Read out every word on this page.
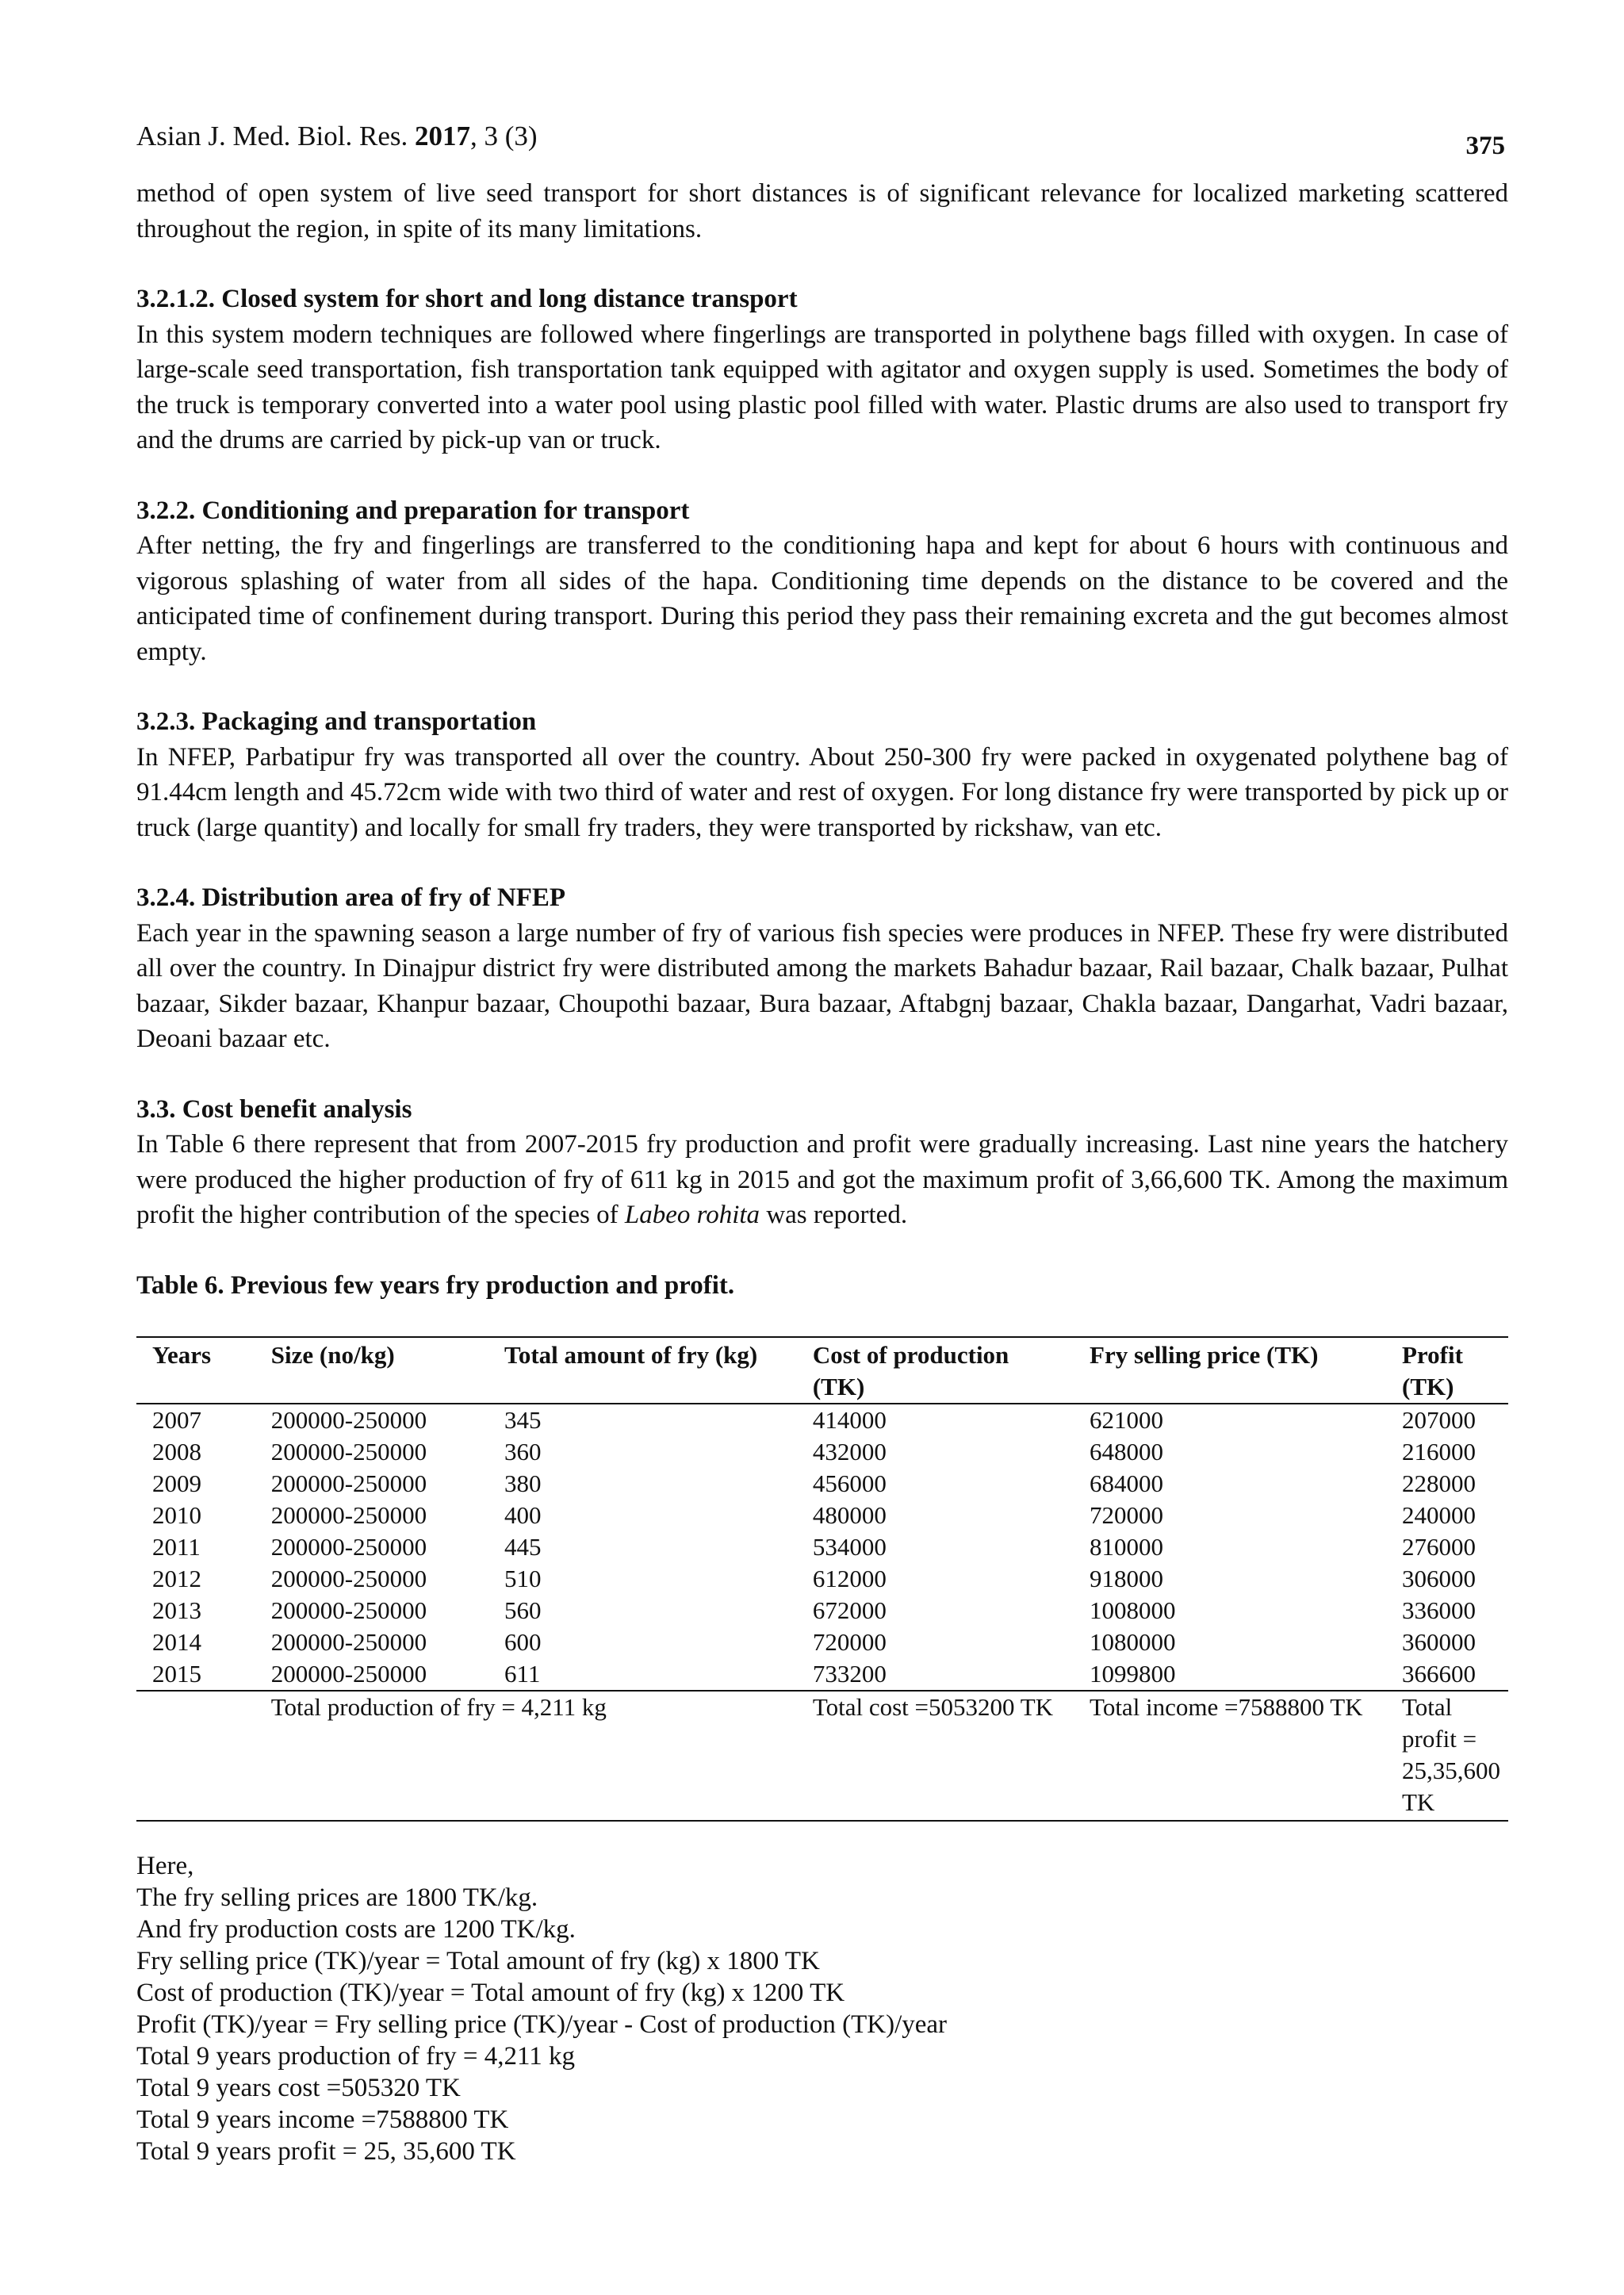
Asian J. Med. Biol. Res. 2017, 3 (3)	375

method of open system of live seed transport for short distances is of significant relevance for localized marketing scattered throughout the region, in spite of its many limitations.

3.2.1.2. Closed system for short and long distance transport

In this system modern techniques are followed where fingerlings are transported in polythene bags filled with oxygen. In case of large-scale seed transportation, fish transportation tank equipped with agitator and oxygen supply is used. Sometimes the body of the truck is temporary converted into a water pool using plastic pool filled with water. Plastic drums are also used to transport fry and the drums are carried by pick-up van or truck.

3.2.2. Conditioning and preparation for transport

After netting, the fry and fingerlings are transferred to the conditioning hapa and kept for about 6 hours with continuous and vigorous splashing of water from all sides of the hapa. Conditioning time depends on the distance to be covered and the anticipated time of confinement during transport. During this period they pass their remaining excreta and the gut becomes almost empty.

3.2.3. Packaging and transportation

In NFEP, Parbatipur fry was transported all over the country. About 250-300 fry were packed in oxygenated polythene bag of 91.44cm length and 45.72cm wide with two third of water and rest of oxygen. For long distance fry were transported by pick up or truck (large quantity) and locally for small fry traders, they were transported by rickshaw, van etc.

3.2.4. Distribution area of fry of NFEP

Each year in the spawning season a large number of fry of various fish species were produces in NFEP. These fry were distributed all over the country. In Dinajpur district fry were distributed among the markets Bahadur bazaar, Rail bazaar, Chalk bazaar, Pulhat bazaar, Sikder bazaar, Khanpur bazaar, Choupothi bazaar, Bura bazaar, Aftabgnj bazaar, Chakla bazaar, Dangarhat, Vadri bazaar, Deoani bazaar etc.

3.3. Cost benefit analysis

In Table 6 there represent that from 2007-2015 fry production and profit were gradually increasing. Last nine years the hatchery were produced the higher production of fry of 611 kg in 2015 and got the maximum profit of 3,66,600 TK. Among the maximum profit the higher contribution of the species of Labeo rohita was reported.

Table 6. Previous few years fry production and profit.
Years	Size (no/kg)	Total amount of fry (kg)	Cost of production (TK)	Fry selling price (TK)	Profit (TK)
2007	200000-250000	345	414000	621000	207000
2008	200000-250000	360	432000	648000	216000
2009	200000-250000	380	456000	684000	228000
2010	200000-250000	400	480000	720000	240000
2011	200000-250000	445	534000	810000	276000
2012	200000-250000	510	612000	918000	306000
2013	200000-250000	560	672000	1008000	336000
2014	200000-250000	600	720000	1080000	360000
2015	200000-250000	611	733200	1099800	366600
	Total production of fry = 4,211 kg		Total cost =5053200 TK	Total income =7588800 TK	Total profit = 25,35,600 TK
Here,
The fry selling prices are 1800 TK/kg.
And fry production costs are 1200 TK/kg.
Fry selling price (TK)/year = Total amount of fry (kg) x 1800 TK
Cost of production (TK)/year = Total amount of fry (kg) x 1200 TK
Profit (TK)/year = Fry selling price (TK)/year - Cost of production (TK)/year
Total 9 years production of fry = 4,211 kg
Total 9 years cost =505320 TK
Total 9 years income =7588800 TK
Total 9 years profit = 25, 35,600 TK
